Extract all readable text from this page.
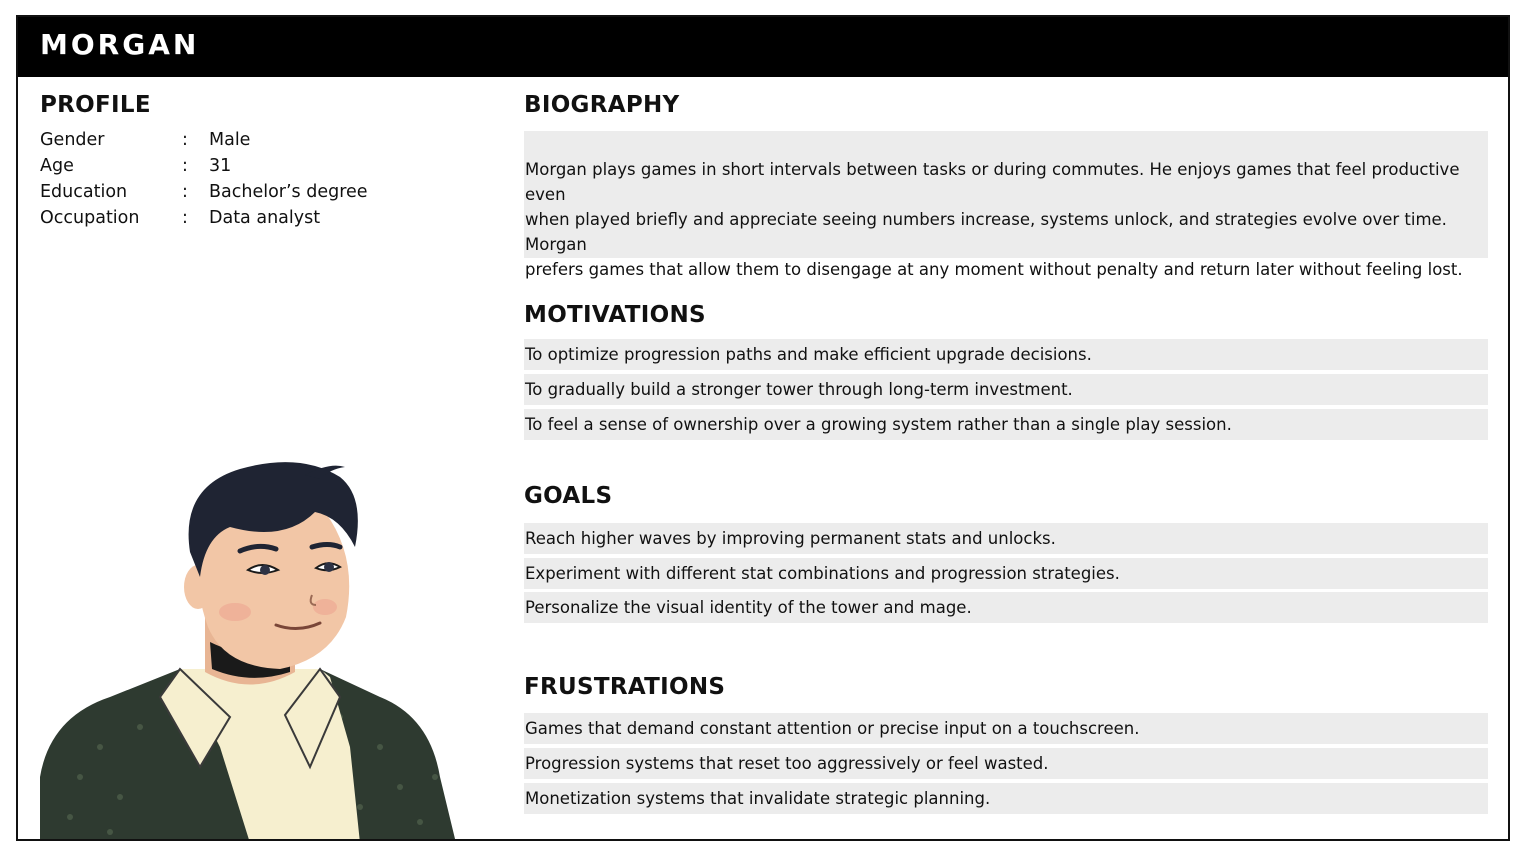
MORGAN
PROFILE
Gender	: Male
Age	: 31
Education	: Bachelor’s degree
Occupation : Data analyst
BIOGRAPHY

Morgan plays games in short intervals between tasks or during commutes. He enjoys games that feel productive even

when played briefly and appreciate seeing numbers increase, systems unlock, and strategies evolve over time. Morgan

prefers games that allow them to disengage at any moment without penalty and return later without feeling lost.

MOTIVATIONS
To optimize progression paths and make efficient upgrade decisions.
To gradually build a stronger tower through long-term investment.
To feel a sense of ownership over a growing system rather than a single play session.
GOALS
Reach higher waves by improving permanent stats and unlocks.
Experiment with different stat combinations and progression strategies.
Personalize the visual identity of the tower and mage.
FRUSTRATIONS
Games that demand constant attention or precise input on a touchscreen.
Progression systems that reset too aggressively or feel wasted.
Monetization systems that invalidate strategic planning.
